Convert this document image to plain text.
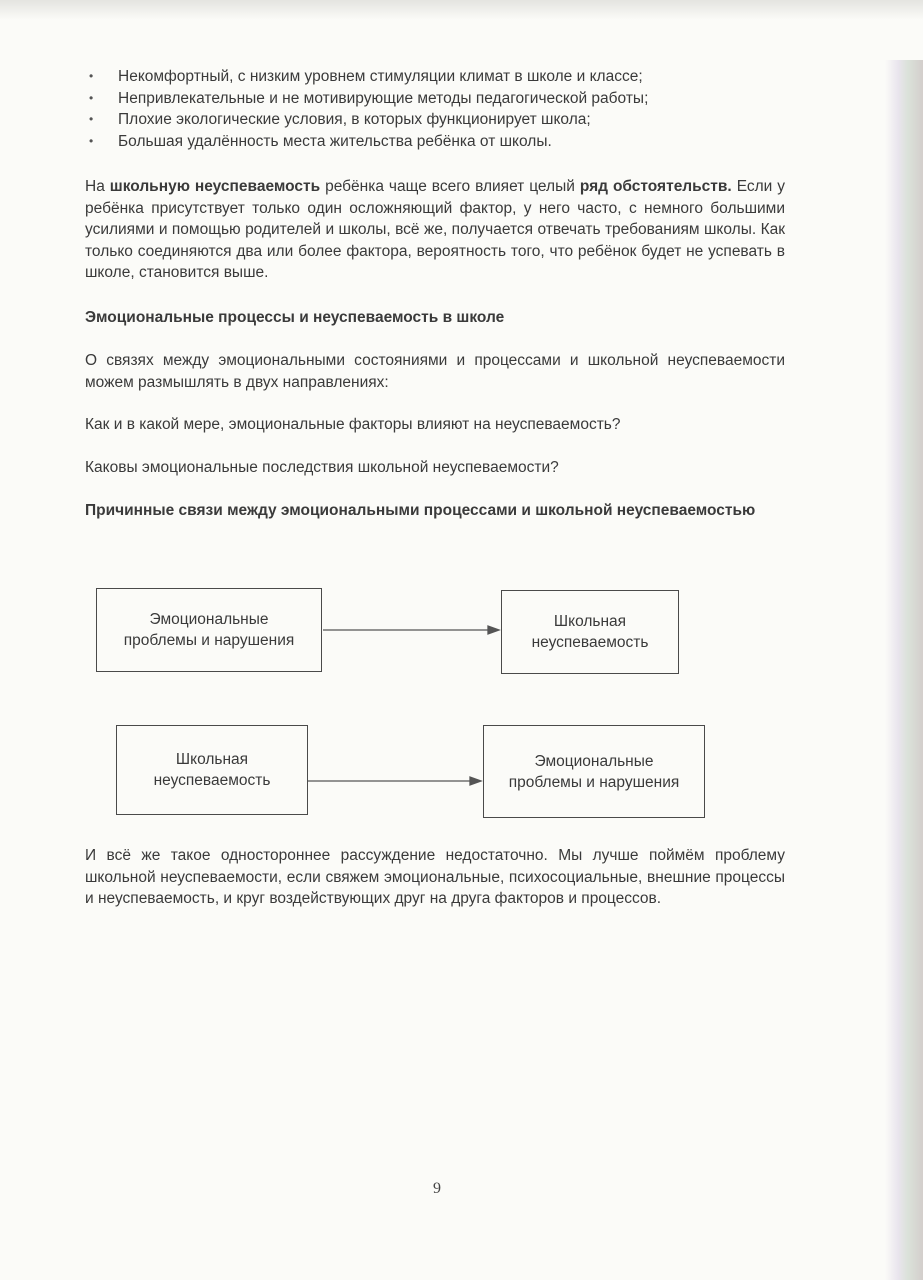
• Некомфортный, с низким уровнем стимуляции климат в школе и классе;
• Непривлекательные и не мотивирующие методы педагогической работы;
• Плохие экологические условия, в которых функционирует школа;
• Большая удалённость места жительства ребёнка от школы.

На школьную неуспеваемость ребёнка чаще всего влияет целый ряд обстоятельств. Если у ребёнка присутствует только один осложняющий фактор, у него часто, с немного большими усилиями и помощью родителей и школы, всё же, получается отвечать требованиям школы. Как только соединяются два или более фактора, вероятность того, что ребёнок будет не успевать в школе, становится выше.

Эмоциональные процессы и неуспеваемость в школе

О связях между эмоциональными состояниями и процессами и школьной неуспеваемости можем размышлять в двух направлениях:

Как и в какой мере, эмоциональные факторы влияют на неуспеваемость?

Каковы эмоциональные последствия школьной неуспеваемости?

Причинные связи между эмоциональными процессами и школьной неуспеваемостью
Эмоциональные
проблемы и нарушения
Школьная
неуспеваемость
Школьная
неуспеваемость
Эмоциональные
проблемы и нарушения

И всё же такое одностороннее рассуждение недостаточно. Мы лучше поймём проблему школьной неуспеваемости, если свяжем эмоциональные, психосоциальные, внешние процессы и неуспеваемость, и круг воздействующих друг на друга факторов и процессов.

9
